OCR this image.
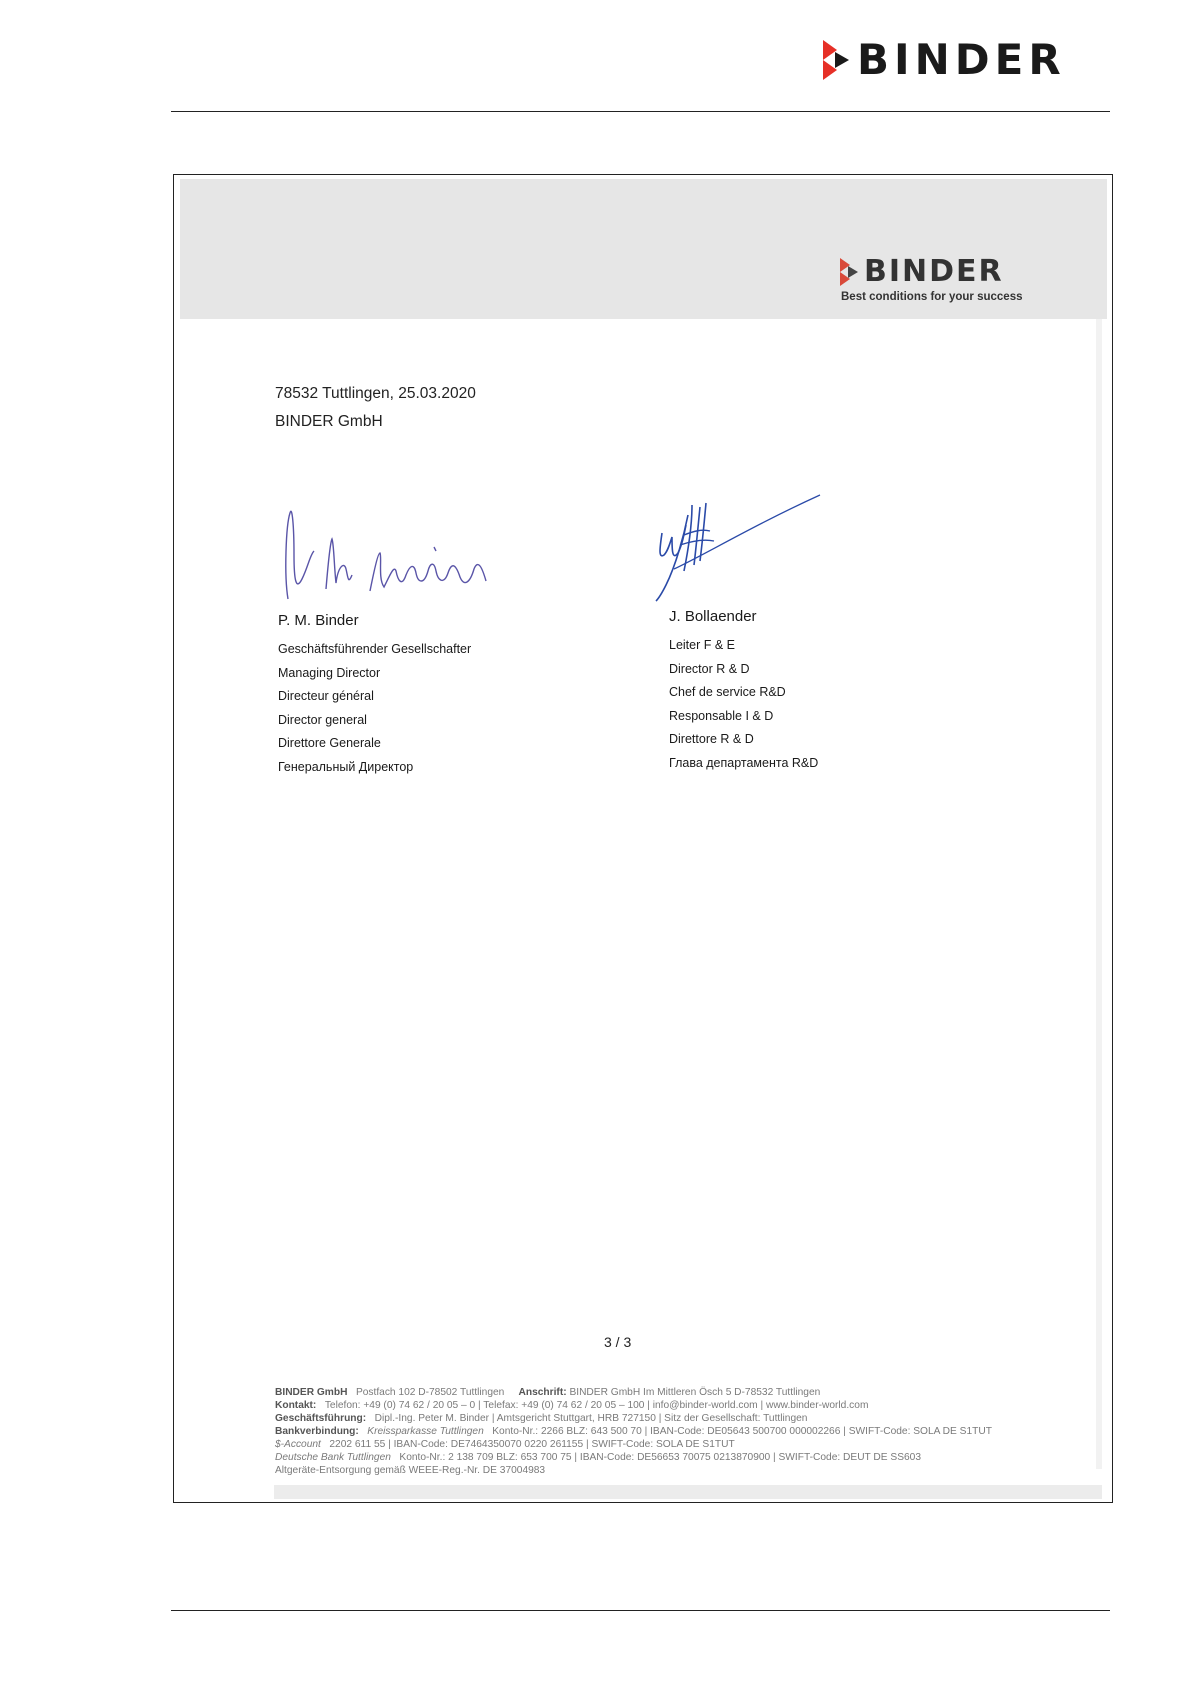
BINDER
BINDER
Best conditions for your success
78532 Tuttlingen, 25.03.2020
BINDER GmbH
P. M. Binder
Geschäftsführender Gesellschafter
Managing Director
Directeur général
Director general
Direttore Generale
Генеральный Директор
J. Bollaender
Leiter F & E
Director R & D
Chef de service R&D
Responsable I & D
Direttore R & D
Глава департамента R&D
3 / 3
BINDER GmbH Postfach 102 D-78502 Tuttlingen Anschrift: BINDER GmbH Im Mittleren Ösch 5 D-78532 Tuttlingen
Kontakt: Telefon: +49 (0) 74 62 / 20 05 – 0 | Telefax: +49 (0) 74 62 / 20 05 – 100 | info@binder-world.com | www.binder-world.com
Geschäftsführung: Dipl.-Ing. Peter M. Binder | Amtsgericht Stuttgart, HRB 727150 | Sitz der Gesellschaft: Tuttlingen
Bankverbindung: Kreissparkasse Tuttlingen Konto-Nr.: 2266 BLZ: 643 500 70 | IBAN-Code: DE05643 500700 000002266 | SWIFT-Code: SOLA DE S1TUT
$-Account 2202 611 55 | IBAN-Code: DE7464350070 0220 261155 | SWIFT-Code: SOLA DE S1TUT
Deutsche Bank Tuttlingen Konto-Nr.: 2 138 709 BLZ: 653 700 75 | IBAN-Code: DE56653 70075 0213870900 | SWIFT-Code: DEUT DE SS603
Altgeräte-Entsorgung gemäß WEEE-Reg.-Nr. DE 37004983
